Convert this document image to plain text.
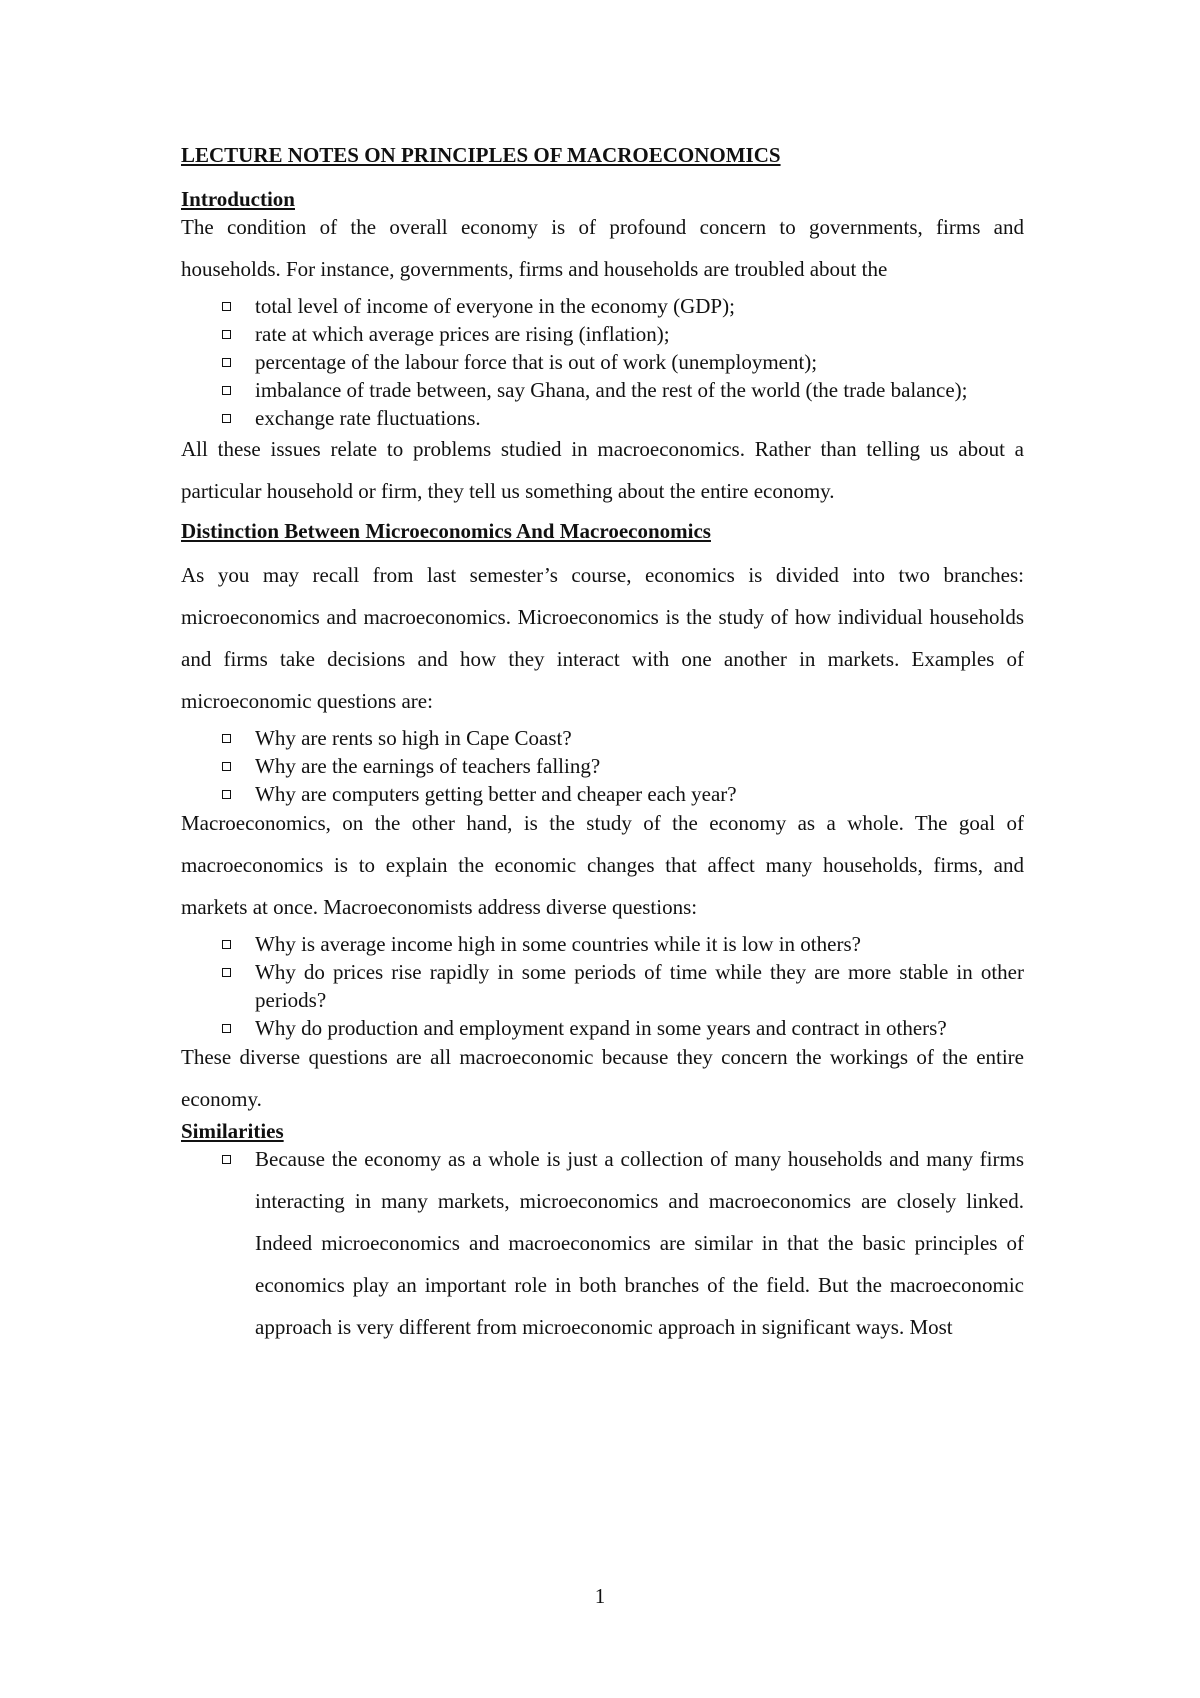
LECTURE NOTES ON PRINCIPLES OF MACROECONOMICS
Introduction

The condition of the overall economy is of profound concern to governments, firms and households. For instance, governments, firms and households are troubled about the

total level of income of everyone in the economy (GDP);
rate at which average prices are rising (inflation);
percentage of the labour force that is out of work (unemployment);
imbalance of trade between, say Ghana, and the rest of the world (the trade balance);
exchange rate fluctuations.

All these issues relate to problems studied in macroeconomics. Rather than telling us about a particular household or firm, they tell us something about the entire economy.

Distinction Between Microeconomics And Macroeconomics

As you may recall from last semester’s course, economics is divided into two branches: microeconomics and macroeconomics. Microeconomics is the study of how individual households and firms take decisions and how they interact with one another in markets. Examples of microeconomic questions are:

Why are rents so high in Cape Coast?
Why are the earnings of teachers falling?
Why are computers getting better and cheaper each year?

Macroeconomics, on the other hand, is the study of the economy as a whole. The goal of macroeconomics is to explain the economic changes that affect many households, firms, and markets at once. Macroeconomists address diverse questions:

Why is average income high in some countries while it is low in others?
Why do prices rise rapidly in some periods of time while they are more stable in other periods?
Why do production and employment expand in some years and contract in others?

These diverse questions are all macroeconomic because they concern the workings of the entire economy.

Similarities
Because the economy as a whole is just a collection of many households and many firms interacting in many markets, microeconomics and macroeconomics are closely linked. Indeed microeconomics and macroeconomics are similar in that the basic principles of economics play an important role in both branches of the field. But the macroeconomic approach is very different from microeconomic approach in significant ways. Most
1
